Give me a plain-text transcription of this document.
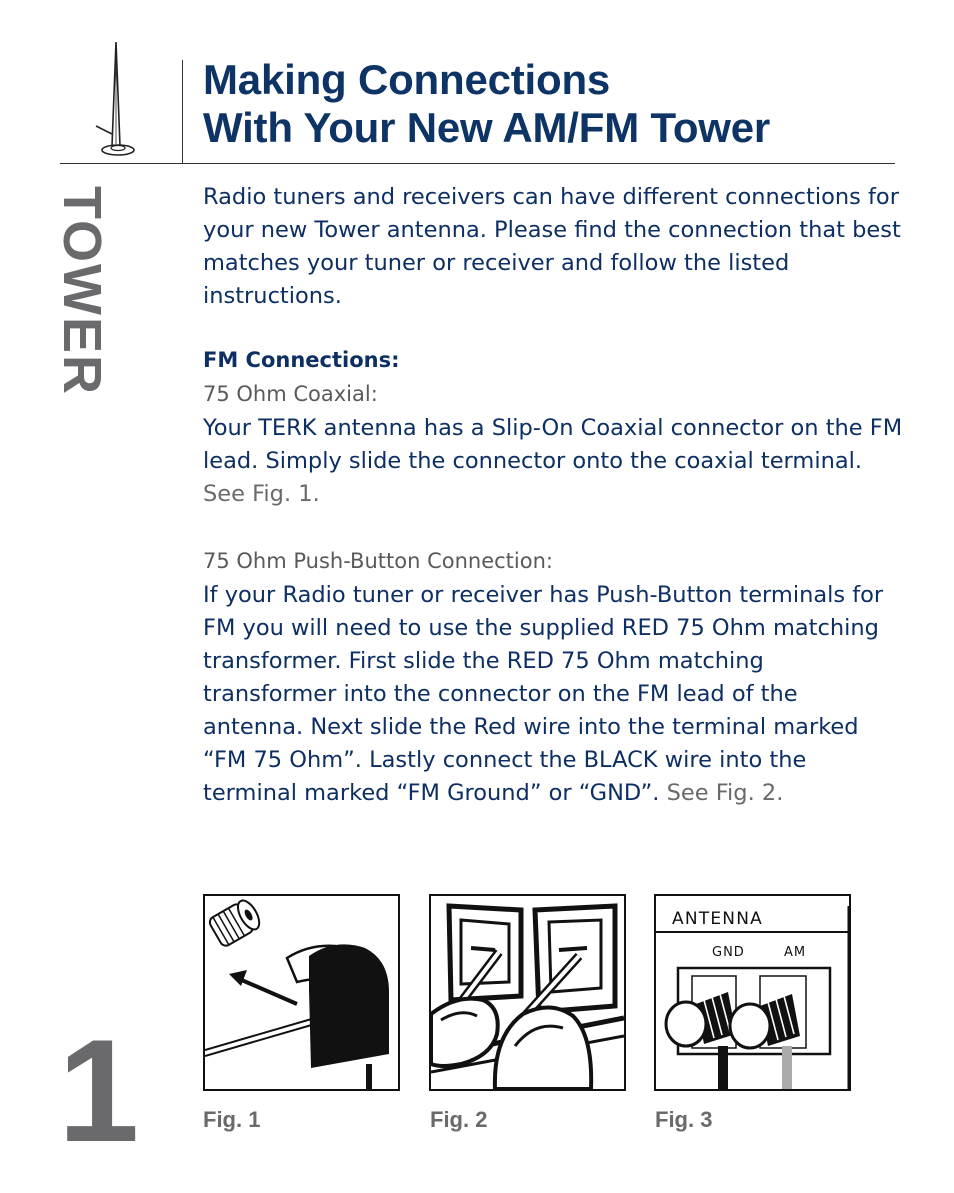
Making Connections
With Your New AM/FM Tower
TOWER
1

Radio tuners and receivers can have different connections for your new Tower antenna. Please find the connection that best matches your tuner or receiver and follow the listed instructions.

FM Connections:

75 Ohm Coaxial:

Your TERK antenna has a Slip-On Coaxial connector on the FM lead. Simply slide the connector onto the coaxial terminal. See Fig. 1.

75 Ohm Push-Button Connection:

If your Radio tuner or receiver has Push-Button terminals for FM you will need to use the supplied RED 75 Ohm matching transformer. First slide the RED 75 Ohm matching transformer into the connector on the FM lead of the antenna. Next slide the Red wire into the terminal marked “FM 75 Ohm”. Lastly connect the BLACK wire into the terminal marked “FM Ground” or “GND”. See Fig. 2.

ANTENNA
GND	AM
Fig. 1	Fig. 2	Fig. 3
